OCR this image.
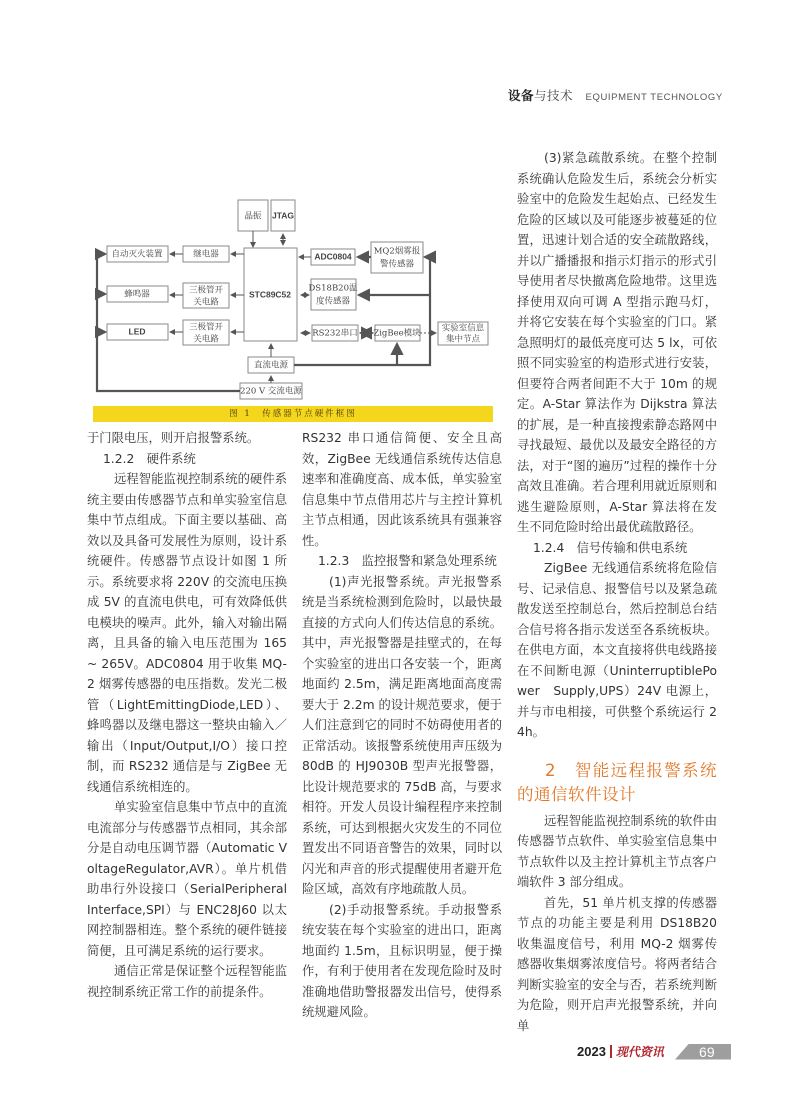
设备与技术 EQUIPMENT TECHNOLOGY
晶振 JTAG
STC89C52
自动灭火装置	继电器
蜂鸣器	三极管开
关电路
LED	三极管开
关电路
ADC0804	MQ2烟雾报
警传感器
DS18B20温
度传感器
RS232串口 ZigBee模块 实验室信息
集中节点
直流电源
220 V 交流电源
图 1　传感器节点硬件框图

于门限电压，则开启报警系统。

1.2.2　硬件系统

远程智能监视控制系统的硬件系统主要由传感器节点和单实验室信息集中节点组成。下面主要以基础、高效以及具备可发展性为原则，设计系统硬件。传感器节点设计如图 1 所示。系统要求将 220V 的交流电压换成 5V 的直流电供电，可有效降低供电模块的噪声。此外，输入对输出隔离，且具备的输入电压范围为 165 ~ 265V。ADC0804 用于收集 MQ-2 烟雾传感器的电压指数。发光二极管（LightEmittingDiode,LED）、蜂鸣器以及继电器这一整块由输入／输出（Input/Output,I/O）接口控制，而 RS232 通信是与 ZigBee 无线通信系统相连的。

单实验室信息集中节点中的直流电流部分与传感器节点相同，其余部分是自动电压调节器（Automatic VoltageRegulator,AVR）。单片机借助串行外设接口（SerialPeripheral Interface,SPI）与 ENC28J60 以太网控制器相连。整个系统的硬件链接简便，且可满足系统的运行要求。

通信正常是保证整个远程智能监视控制系统正常工作的前提条件。

RS232 串口通信简便、安全且高效，ZigBee 无线通信系统传达信息速率和准确度高、成本低，单实验室信息集中节点借用芯片与主控计算机主节点相通，因此该系统具有强兼容性。

1.2.3　监控报警和紧急处理系统

(1)声光报警系统。声光报警系统是当系统检测到危险时，以最快最直接的方式向人们传达信息的系统。其中，声光报警器是挂壁式的，在每个实验室的进出口各安装一个，距离地面约 2.5m，满足距离地面高度需要大于 2.2m 的设计规范要求，便于人们注意到它的同时不妨碍使用者的正常活动。该报警系统使用声压级为 80dB 的 HJ9030B 型声光报警器，比设计规范要求的 75dB 高，与要求相符。开发人员设计编程程序来控制系统，可达到根据火灾发生的不同位置发出不同语音警告的效果，同时以闪光和声音的形式提醒使用者避开危险区域，高效有序地疏散人员。

(2)手动报警系统。手动报警系统安装在每个实验室的进出口，距离地面约 1.5m，且标识明显，便于操作，有利于使用者在发现危险时及时准确地借助警报器发出信号，使得系统规避风险。

(3)紧急疏散系统。在整个控制系统确认危险发生后，系统会分析实验室中的危险发生起始点、已经发生危险的区域以及可能逐步被蔓延的位置，迅速计划合适的安全疏散路线，并以广播播报和指示灯指示的形式引导使用者尽快撤离危险地带。这里选择使用双向可调 A 型指示跑马灯，并将它安装在每个实验室的门口。紧急照明灯的最低亮度可达 5 lx，可依照不同实验室的构造形式进行安装，但要符合两者间距不大于 10m 的规定。A-Star 算法作为 Dijkstra 算法的扩展，是一种直接搜索静态路网中寻找最短、最优以及最安全路径的方法，对于“图的遍历”过程的操作十分高效且准确。若合理利用就近原则和逃生避险原则，A-Star 算法将在发生不同危险时给出最优疏散路径。

1.2.4　信号传输和供电系统

ZigBee 无线通信系统将危险信号、记录信息、报警信号以及紧急疏散发送至控制总台，然后控制总台结合信号将各指示发送至各系统板块。在供电方面，本文直接将供电线路接在不间断电源（UninterruptiblePower　Supply,UPS）24V 电源上，并与市电相接，可供整个系统运行 24h。

2 智能远程报警系统的通信软件设计

远程智能监视控制系统的软件由传感器节点软件、单实验室信息集中节点软件以及主控计算机主节点客户端软件 3 部分组成。

首先，51 单片机支撑的传感器节点的功能主要是利用 DS18B20 收集温度信号，利用 MQ-2 烟雾传感器收集烟雾浓度信号。将两者结合判断实验室的安全与否，若系统判断为危险，则开启声光报警系统，并向单

2023 现代资讯	69
